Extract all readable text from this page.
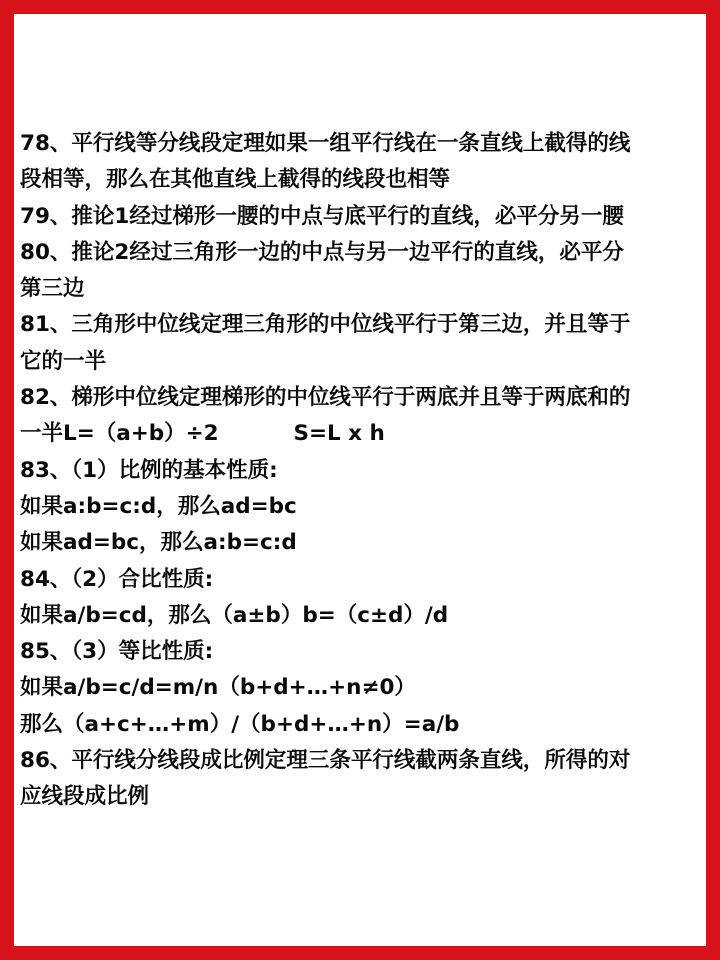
78、平行线等分线段定理如果一组平行线在一条直线上截得的线
段相等，那么在其他直线上截得的线段也相等
79、推论1经过梯形一腰的中点与底平行的直线，必平分另一腰
80、推论2经过三角形一边的中点与另一边平行的直线，必平分
第三边
81、三角形中位线定理三角形的中位线平行于第三边，并且等于
它的一半
82、梯形中位线定理梯形的中位线平行于两底并且等于两底和的
一半L=（a+b）÷2          S=L x h
83、（1）比例的基本性质:
如果a:b=c:d，那么ad=bc
如果ad=bc，那么a:b=c:d
84、（2）合比性质:
如果a/b=cd，那么（a±b）b=（c±d）/d
85、（3）等比性质:
如果a/b=c/d=m/n（b+d+…+n≠0）
那么（a+c+…+m）/（b+d+…+n）=a/b
86、平行线分线段成比例定理三条平行线截两条直线，所得的对
应线段成比例
